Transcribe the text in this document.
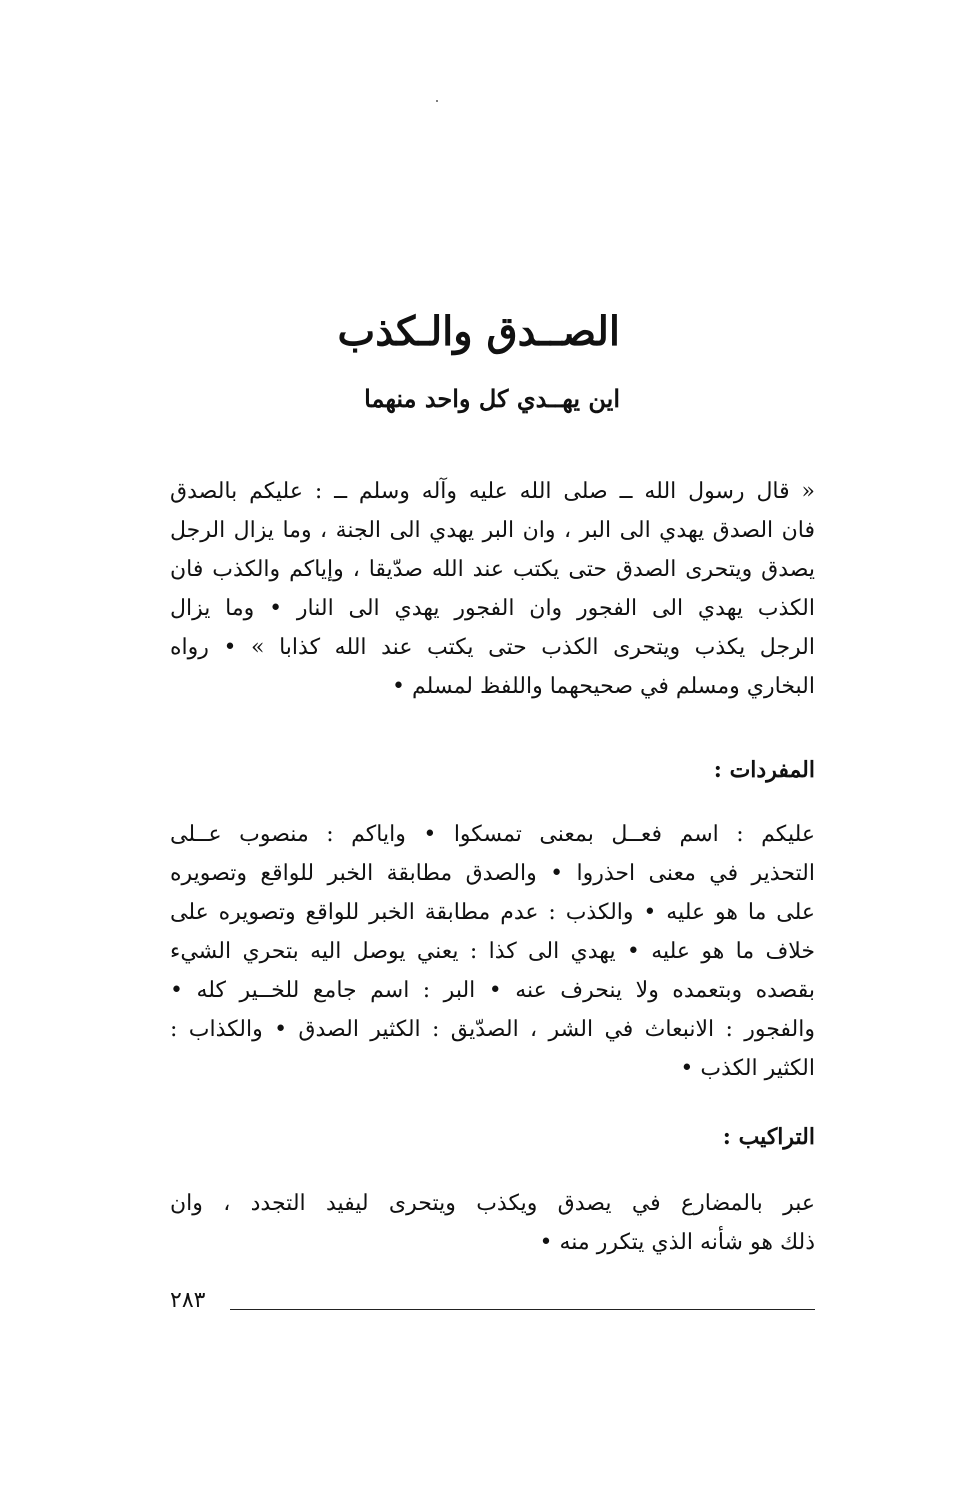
الصــدق والـكذب
اين يهــدي كل واحد منهما
« قال رسول الله ــ صلى الله عليه وآله وسلم ــ : عليكم بالصدق
فان الصدق يهدي الى البر ، وان البر يهدي الى الجنة ، وما يزال الرجل
يصدق ويتحرى الصدق حتى يكتب عند الله صدّيقا ، وإياكم والكذب فان
الكذب يهدي الى الفجور وان الفجور يهدي الى النار • وما يزال
الرجل يكذب ويتحرى الكذب حتى يكتب عند الله كذابا » • رواه
البخاري ومسلم في صحيحهما واللفظ لمسلم •
المفردات :
عليكم : اسم فعــل بمعنى تمسكوا • واياكم : منصوب عــلى
التحذير في معنى احذروا • والصدق مطابقة الخبر للواقع وتصويره
على ما هو عليه • والكذب : عدم مطابقة الخبر للواقع وتصويره على
خلاف ما هو عليه • يهدي الى كذا : يعني يوصل اليه بتحري الشيء
بقصده وبتعمده ولا ينحرف عنه • البر : اسم جامع للخــير كله •
والفجور : الانبعاث في الشر ، الصدّيق : الكثير الصدق • والكذاب :
الكثير الكذب •
التراكيب :
عبر بالمضارع في يصدق ويكذب ويتحرى ليفيد التجدد ، وان
ذلك هو شأنه الذي يتكرر منه •
٢٨٣
